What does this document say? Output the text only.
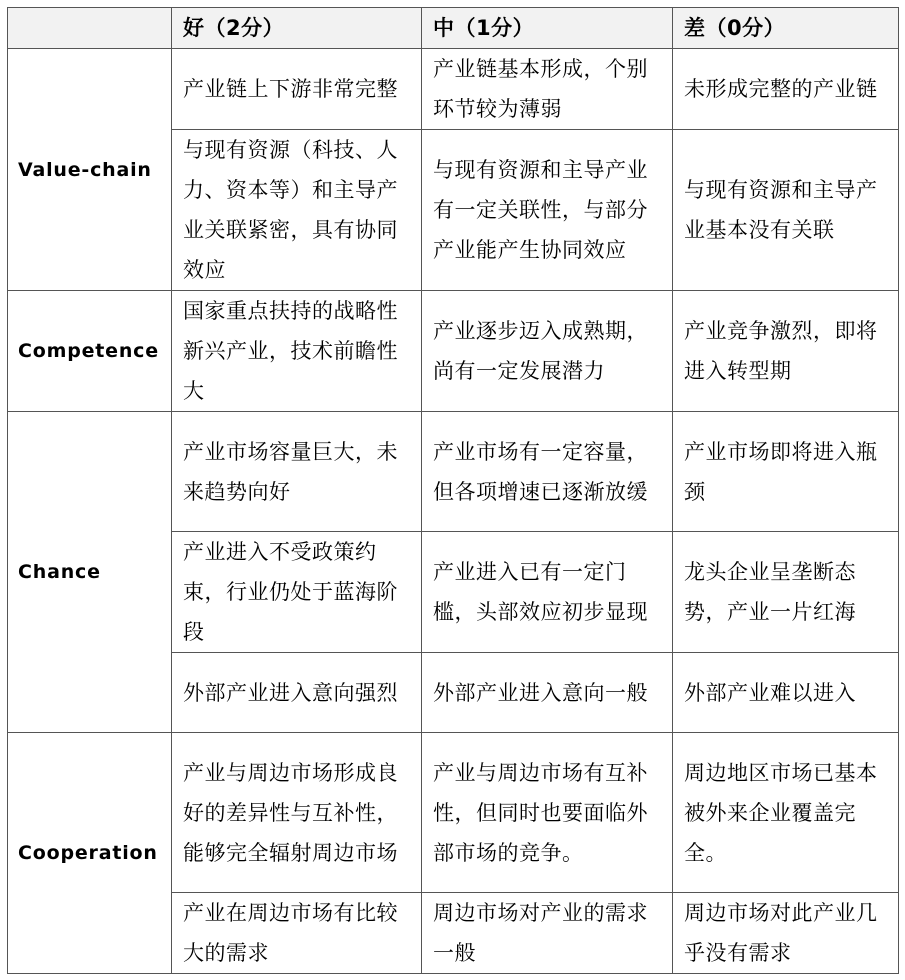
	好（2分）	中（1分）	差（0分）
Value-chain	产业链上下游非常完整	产业链基本形成，个别环节较为薄弱	未形成完整的产业链
	与现有资源（科技、人力、资本等）和主导产业关联紧密，具有协同效应	与现有资源和主导产业有一定关联性，与部分产业能产生协同效应	与现有资源和主导产业基本没有关联
Competence	国家重点扶持的战略性新兴产业，技术前瞻性大	产业逐步迈入成熟期，尚有一定发展潜力	产业竞争激烈，即将进入转型期
Chance	产业市场容量巨大，未来趋势向好	产业市场有一定容量，但各项增速已逐渐放缓	产业市场即将进入瓶颈
	产业进入不受政策约束，行业仍处于蓝海阶段	产业进入已有一定门槛，头部效应初步显现	龙头企业呈垄断态势，产业一片红海
	外部产业进入意向强烈	外部产业进入意向一般	外部产业难以进入
Cooperation	产业与周边市场形成良好的差异性与互补性，能够完全辐射周边市场	产业与周边市场有互补性，但同时也要面临外部市场的竞争。	周边地区市场已基本被外来企业覆盖完全。
	产业在周边市场有比较大的需求	周边市场对产业的需求一般	周边市场对此产业几乎没有需求
